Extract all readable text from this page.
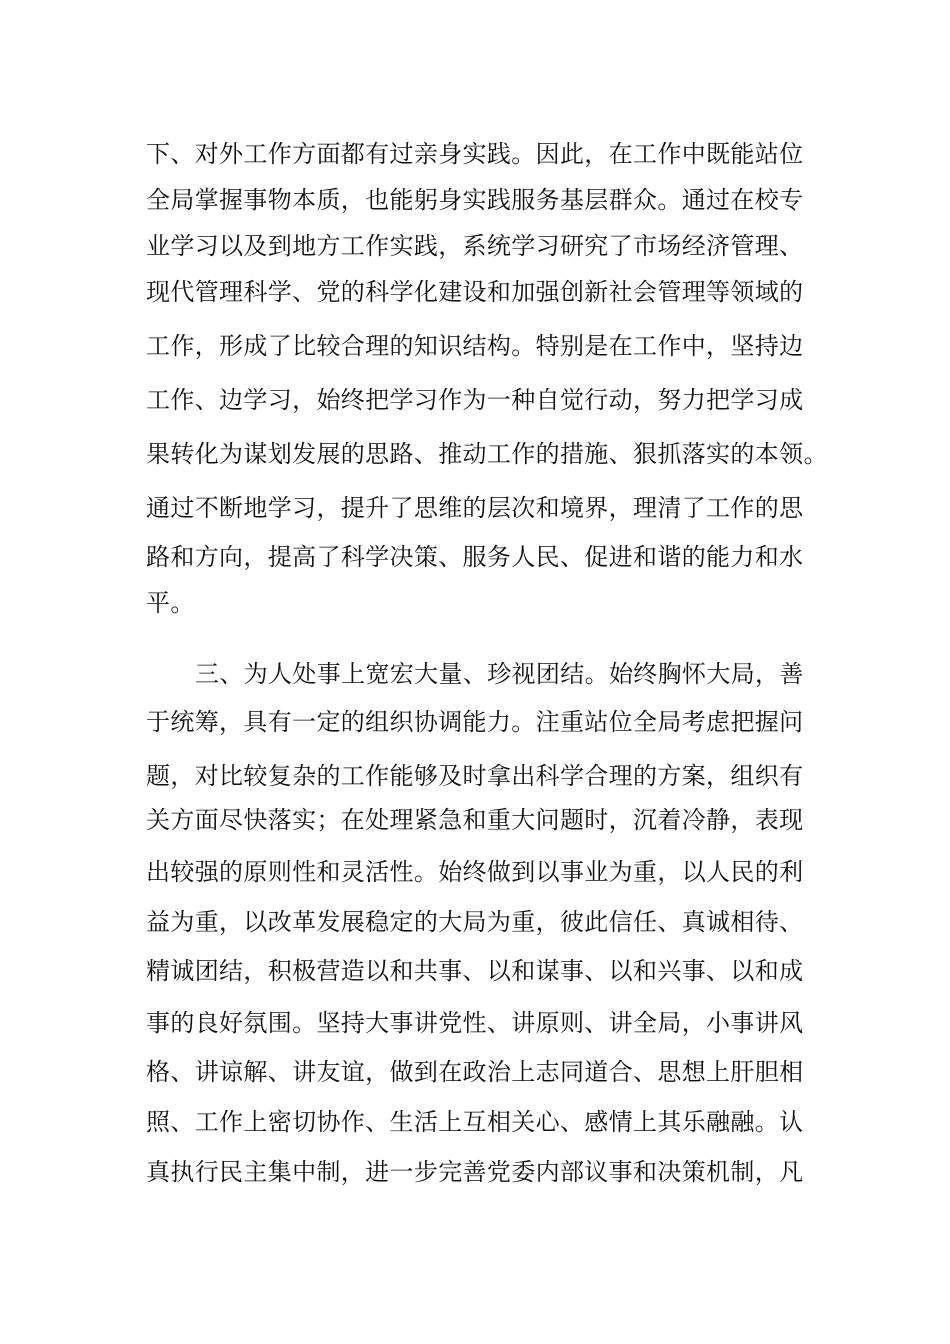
下、对外工作方面都有过亲身实践。因此，在工作中既能站位
全局掌握事物本质，也能躬身实践服务基层群众。通过在校专
业学习以及到地方工作实践，系统学习研究了市场经济管理、
现代管理科学、党的科学化建设和加强创新社会管理等领域的
工作，形成了比较合理的知识结构。特别是在工作中，坚持边
工作、边学习，始终把学习作为一种自觉行动，努力把学习成
果转化为谋划发展的思路、推动工作的措施、狠抓落实的本领。
通过不断地学习，提升了思维的层次和境界，理清了工作的思
路和方向，提高了科学决策、服务人民、促进和谐的能力和水
平。
三、为人处事上宽宏大量、珍视团结。始终胸怀大局，善
于统筹，具有一定的组织协调能力。注重站位全局考虑把握问
题，对比较复杂的工作能够及时拿出科学合理的方案，组织有
关方面尽快落实；在处理紧急和重大问题时，沉着冷静，表现
出较强的原则性和灵活性。始终做到以事业为重，以人民的利
益为重，以改革发展稳定的大局为重，彼此信任、真诚相待、
精诚团结，积极营造以和共事、以和谋事、以和兴事、以和成
事的良好氛围。坚持大事讲党性、讲原则、讲全局，小事讲风
格、讲谅解、讲友谊，做到在政治上志同道合、思想上肝胆相
照、工作上密切协作、生活上互相关心、感情上其乐融融。认
真执行民主集中制，进一步完善党委内部议事和决策机制，凡
